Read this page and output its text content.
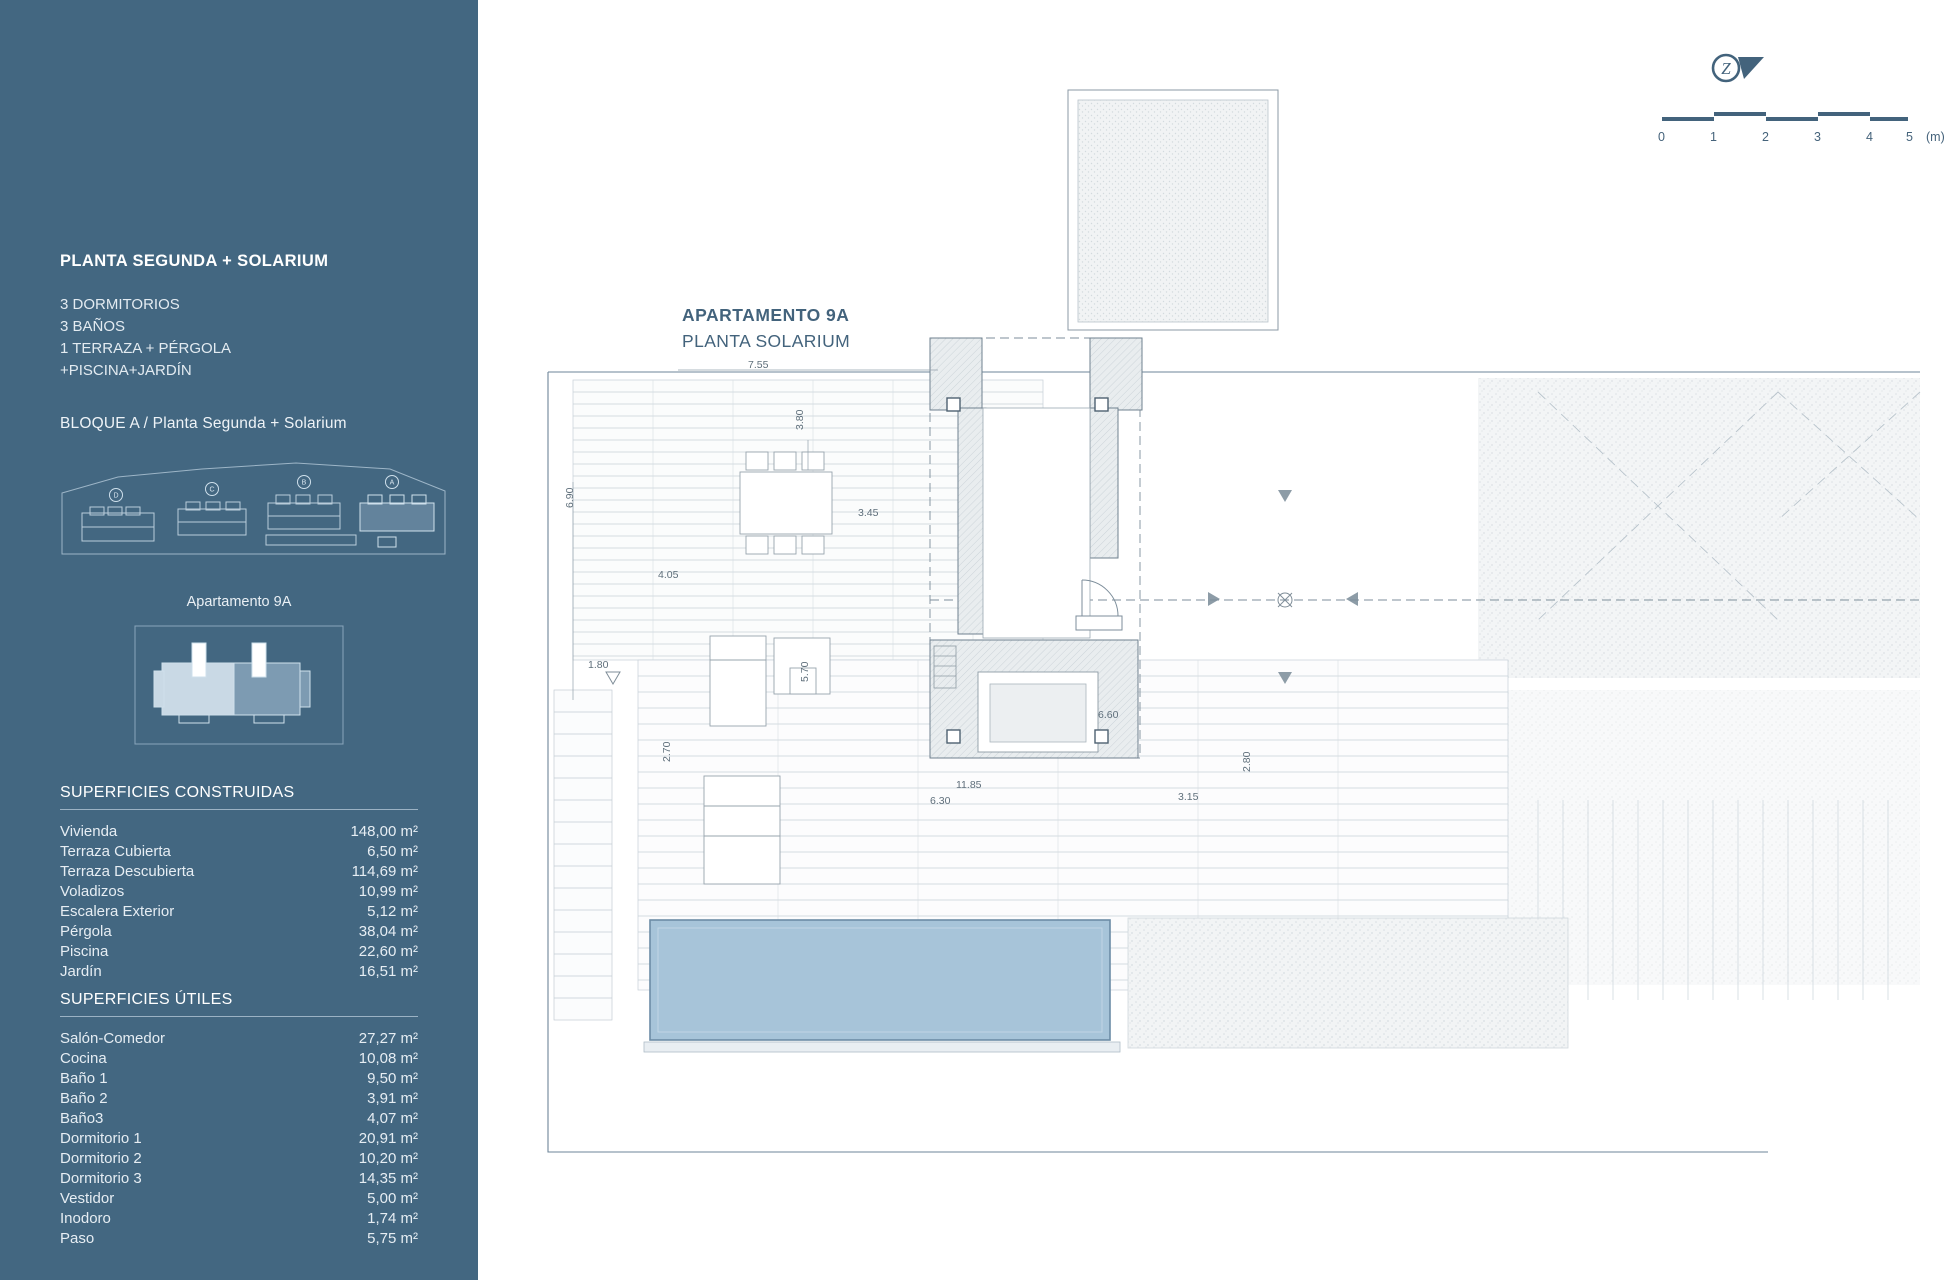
PLANTA SEGUNDA + SOLARIUM
3 DORMITORIOS
3 BAÑOS
1 TERRAZA + PÉRGOLA
+PISCINA+JARDÍN
BLOQUE A / Planta Segunda + Solarium
D
C
B	A
Apartamento 9A
SUPERFICIES CONSTRUIDAS
Vivienda	148,00 m²
Terraza Cubierta	6,50 m²
Terraza Descubierta	114,69 m²
Voladizos	10,99 m²
Escalera Exterior	5,12 m²
Pérgola	38,04 m²
Piscina	22,60 m²
Jardín	16,51 m²
SUPERFICIES ÚTILES
Salón-Comedor	27,27 m²
Cocina	10,08 m²
Baño 1	9,50 m²
Baño 2	3,91 m²
Baño3	4,07 m²
Dormitorio 1	20,91 m²
Dormitorio 2	10,20 m²
Dormitorio 3	14,35 m²
Vestidor	5,00 m²
Inodoro	1,74 m²
Paso	5,75 m²
Z
0	1	2	3	4	5 (m)
APARTAMENTO 9A
PLANTA SOLARIUM
7.55
3.80
6.90
3.45
4.05
1.80	5.70
2.70
6.60
11.85
6.30	3.15
2.80
